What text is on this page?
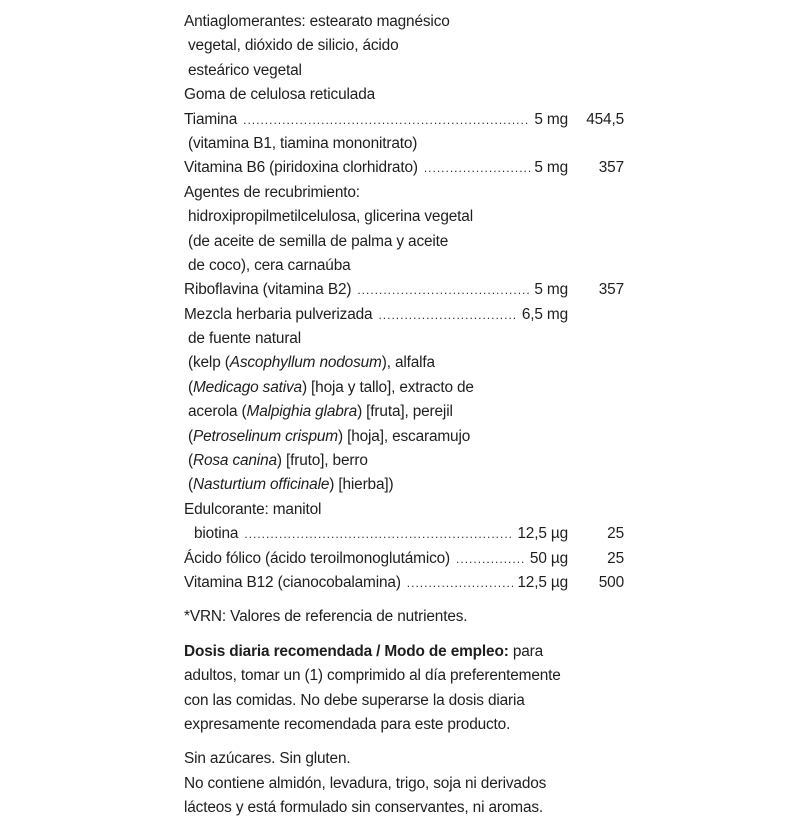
Antiaglomerantes: estearato magnésico
vegetal, dióxido de silicio, ácido
esteárico vegetal
Goma de celulosa reticulada
Tiamina .....	5 mg	454,5
(vitamina B1, tiamina mononitrato)
Vitamina B6 (piridoxina clorhidrato) .....	5 mg	357
Agentes de recubrimiento:
hidroxipropilmetilcelulosa, glicerina vegetal
(de aceite de semilla de palma y aceite
de coco), cera carnaúba
Riboflavina (vitamina B2) .....	5 mg	357
Mezcla herbaria pulverizada .....	6,5 mg
de fuente natural
(kelp (Ascophyllum nodosum), alfalfa
(Medicago sativa) [hoja y tallo], extracto de
acerola (Malpighia glabra) [fruta], perejil
(Petroselinum crispum) [hoja], escaramujo
(Rosa canina) [fruto], berro
(Nasturtium officinale) [hierba])
Edulcorante: manitol
biotina .....	12,5 µg	25
Ácido fólico (ácido teroilmonoglutámico) .....	50 µg	25
Vitamina B12 (cianocobalamina) .....	12,5 µg	500
*VRN: Valores de referencia de nutrientes.
Dosis diaria recomendada / Modo de empleo: para
adultos, tomar un (1) comprimido al día preferentemente
con las comidas. No debe superarse la dosis diaria
expresamente recomendada para este producto.
Sin azúcares. Sin gluten.
No contiene almidón, levadura, trigo, soja ni derivados
lácteos y está formulado sin conservantes, ni aromas.
